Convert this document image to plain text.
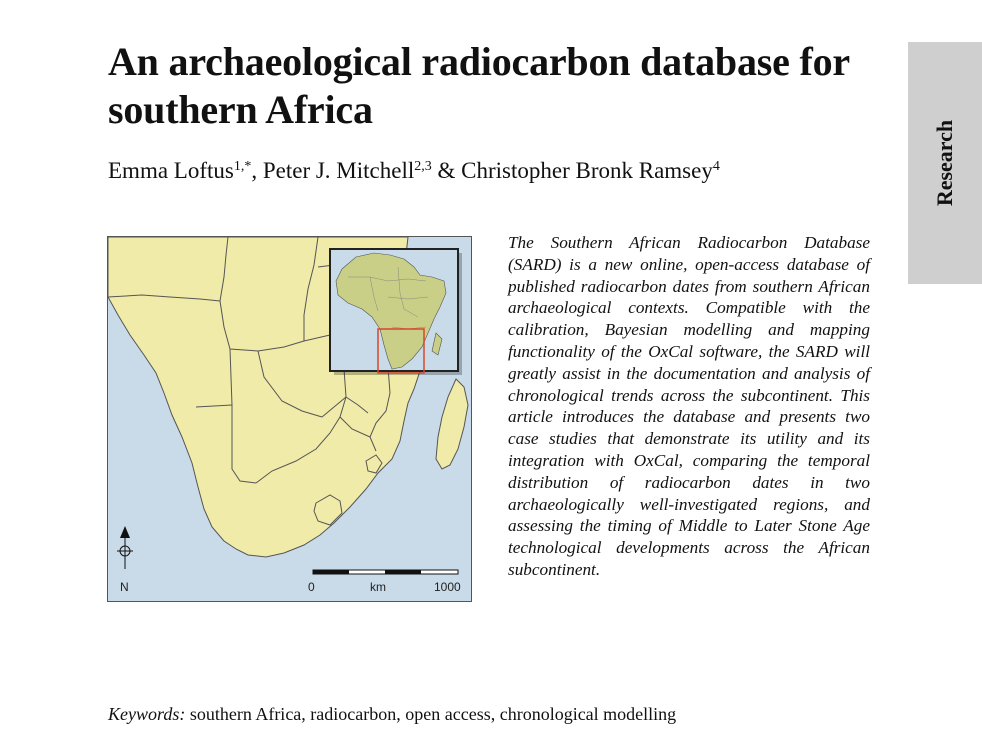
An archaeological radiocarbon database for southern Africa
Emma Loftus$^{1,*}$, Peter J. Mitchell$^{2,3}$ & Christopher Bronk Ramsey$^4$	Research
N	0	km	1000

The Southern African Radiocarbon Database (SARD) is a new online, open-access database of published radiocarbon dates from southern African archaeological contexts. Compatible with the calibration, Bayesian modelling and mapping functionality of the OxCal software, the SARD will greatly assist in the documentation and analysis of chronological trends across the subcontinent. This article introduces the database and presents two case studies that demonstrate its utility and its integration with OxCal, comparing the temporal distribution of radiocarbon dates in two archaeologically well-investigated regions, and assessing the timing of Middle to Later Stone Age technological developments across the African subcontinent.

Keywords: southern Africa, radiocarbon, open access, chronological modelling
